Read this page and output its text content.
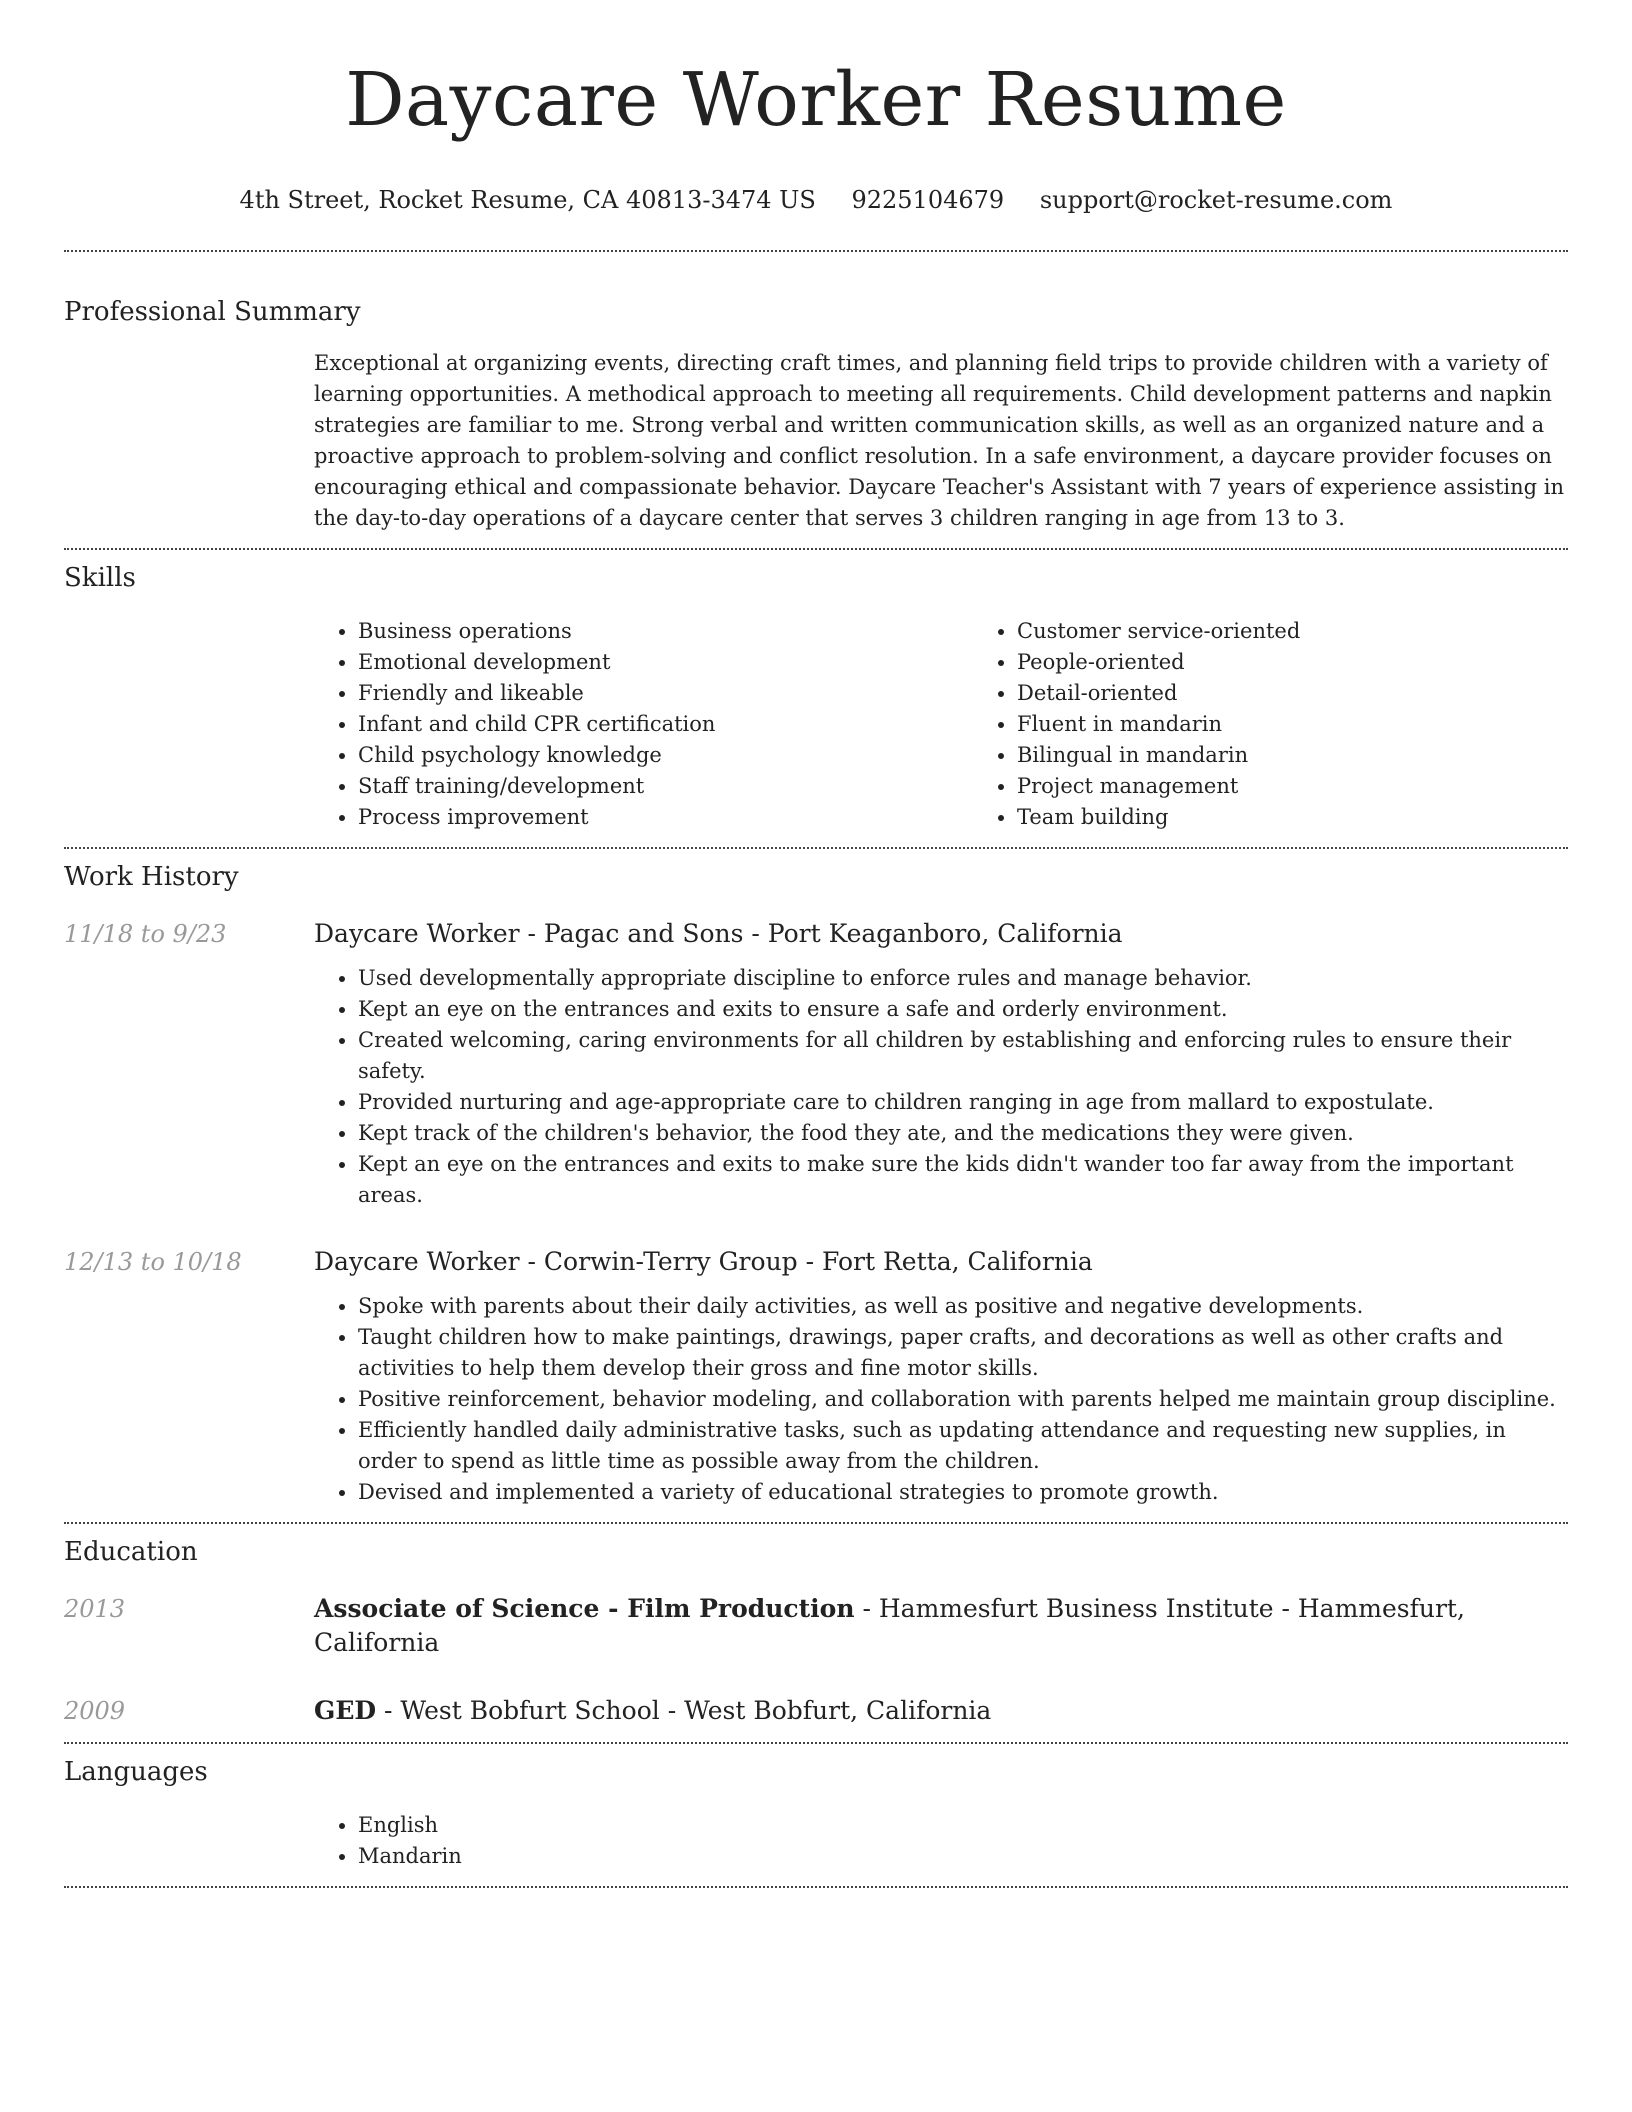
Daycare Worker Resume
4th Street, Rocket Resume, CA 40813-3474 US 9225104679 support@rocket-resume.com
Professional Summary

Exceptional at organizing events, directing craft times, and planning field trips to provide children with a variety of learning opportunities. A methodical approach to meeting all requirements. Child development patterns and napkin strategies are familiar to me. Strong verbal and written communication skills, as well as an organized nature and a proactive approach to problem-solving and conflict resolution. In a safe environment, a daycare provider focuses on encouraging ethical and compassionate behavior. Daycare Teacher's Assistant with 7 years of experience assisting in the day-to-day operations of a daycare center that serves 3 children ranging in age from 13 to 3.

Skills
• Business operations
• Emotional development
• Friendly and likeable
• Infant and child CPR certification
• Child psychology knowledge
• Staff training/development
• Process improvement
• Customer service-oriented
• People-oriented
• Detail-oriented
• Fluent in mandarin
• Bilingual in mandarin
• Project management
• Team building
Work History
11/18 to 9/23	Daycare Worker - Pagac and Sons - Port Keaganboro, California
• Used developmentally appropriate discipline to enforce rules and manage behavior.
• Kept an eye on the entrances and exits to ensure a safe and orderly environment.
• Created welcoming, caring environments for all children by establishing and enforcing rules to ensure their safety.
• Provided nurturing and age-appropriate care to children ranging in age from mallard to expostulate.
• Kept track of the children's behavior, the food they ate, and the medications they were given.
• Kept an eye on the entrances and exits to make sure the kids didn't wander too far away from the important areas.
12/13 to 10/18	Daycare Worker - Corwin-Terry Group - Fort Retta, California
• Spoke with parents about their daily activities, as well as positive and negative developments.
• Taught children how to make paintings, drawings, paper crafts, and decorations as well as other crafts and activities to help them develop their gross and fine motor skills.
• Positive reinforcement, behavior modeling, and collaboration with parents helped me maintain group discipline.
• Efficiently handled daily administrative tasks, such as updating attendance and requesting new supplies, in order to spend as little time as possible away from the children.
• Devised and implemented a variety of educational strategies to promote growth.
Education
2013	Associate of Science - Film Production - Hammesfurt Business Institute - Hammesfurt, California
2009	GED - West Bobfurt School - West Bobfurt, California
Languages
• English
• Mandarin
